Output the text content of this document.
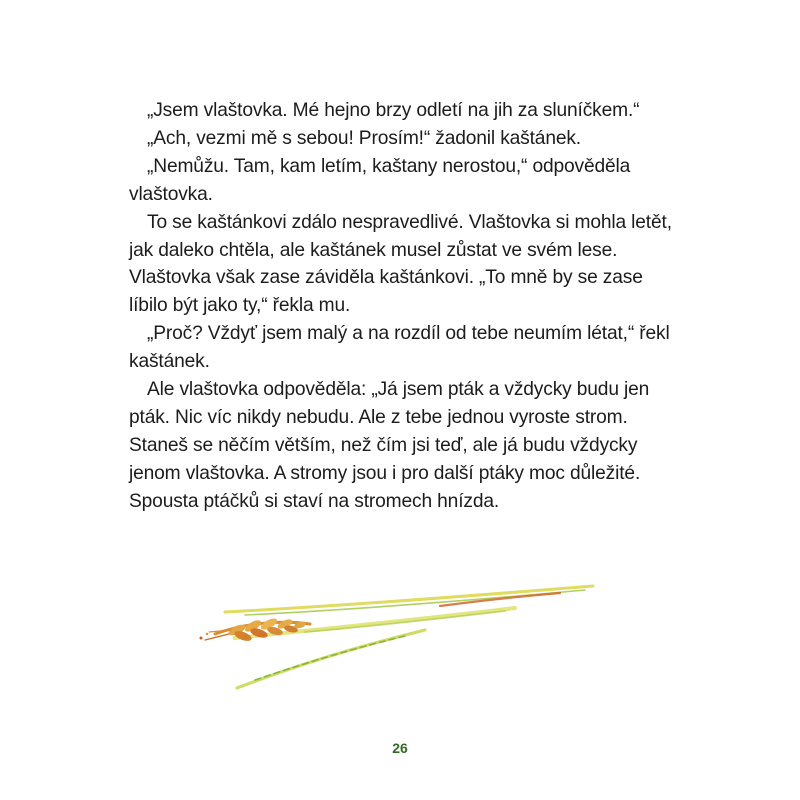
„Jsem vlaštovka. Mé hejno brzy odletí na jih za sluníčkem.“

„Ach, vezmi mě s sebou! Prosím!“ žadonil kaštánek.

„Nemůžu. Tam, kam letím, kaštany nerostou,“ odpověděla vlaštovka.

To se kaštánkovi zdálo nespravedlivé. Vlaštovka si mohla letět, jak daleko chtěla, ale kaštánek musel zůstat ve svém lese. Vlaštovka však zase záviděla kaštánkovi. „To mně by se zase líbilo být jako ty,“ řekla mu.

„Proč? Vždyť jsem malý a na rozdíl od tebe neumím létat,“ řekl kaštánek.

Ale vlaštovka odpověděla: „Já jsem pták a vždycky budu jen pták. Nic víc nikdy nebudu. Ale z tebe jednou vyroste strom. Staneš se něčím větším, než čím jsi teď, ale já budu vždycky jenom vlaštovka. A stromy jsou i pro další ptáky moc důležité. Spousta ptáčků si staví na stromech hnízda.

26
